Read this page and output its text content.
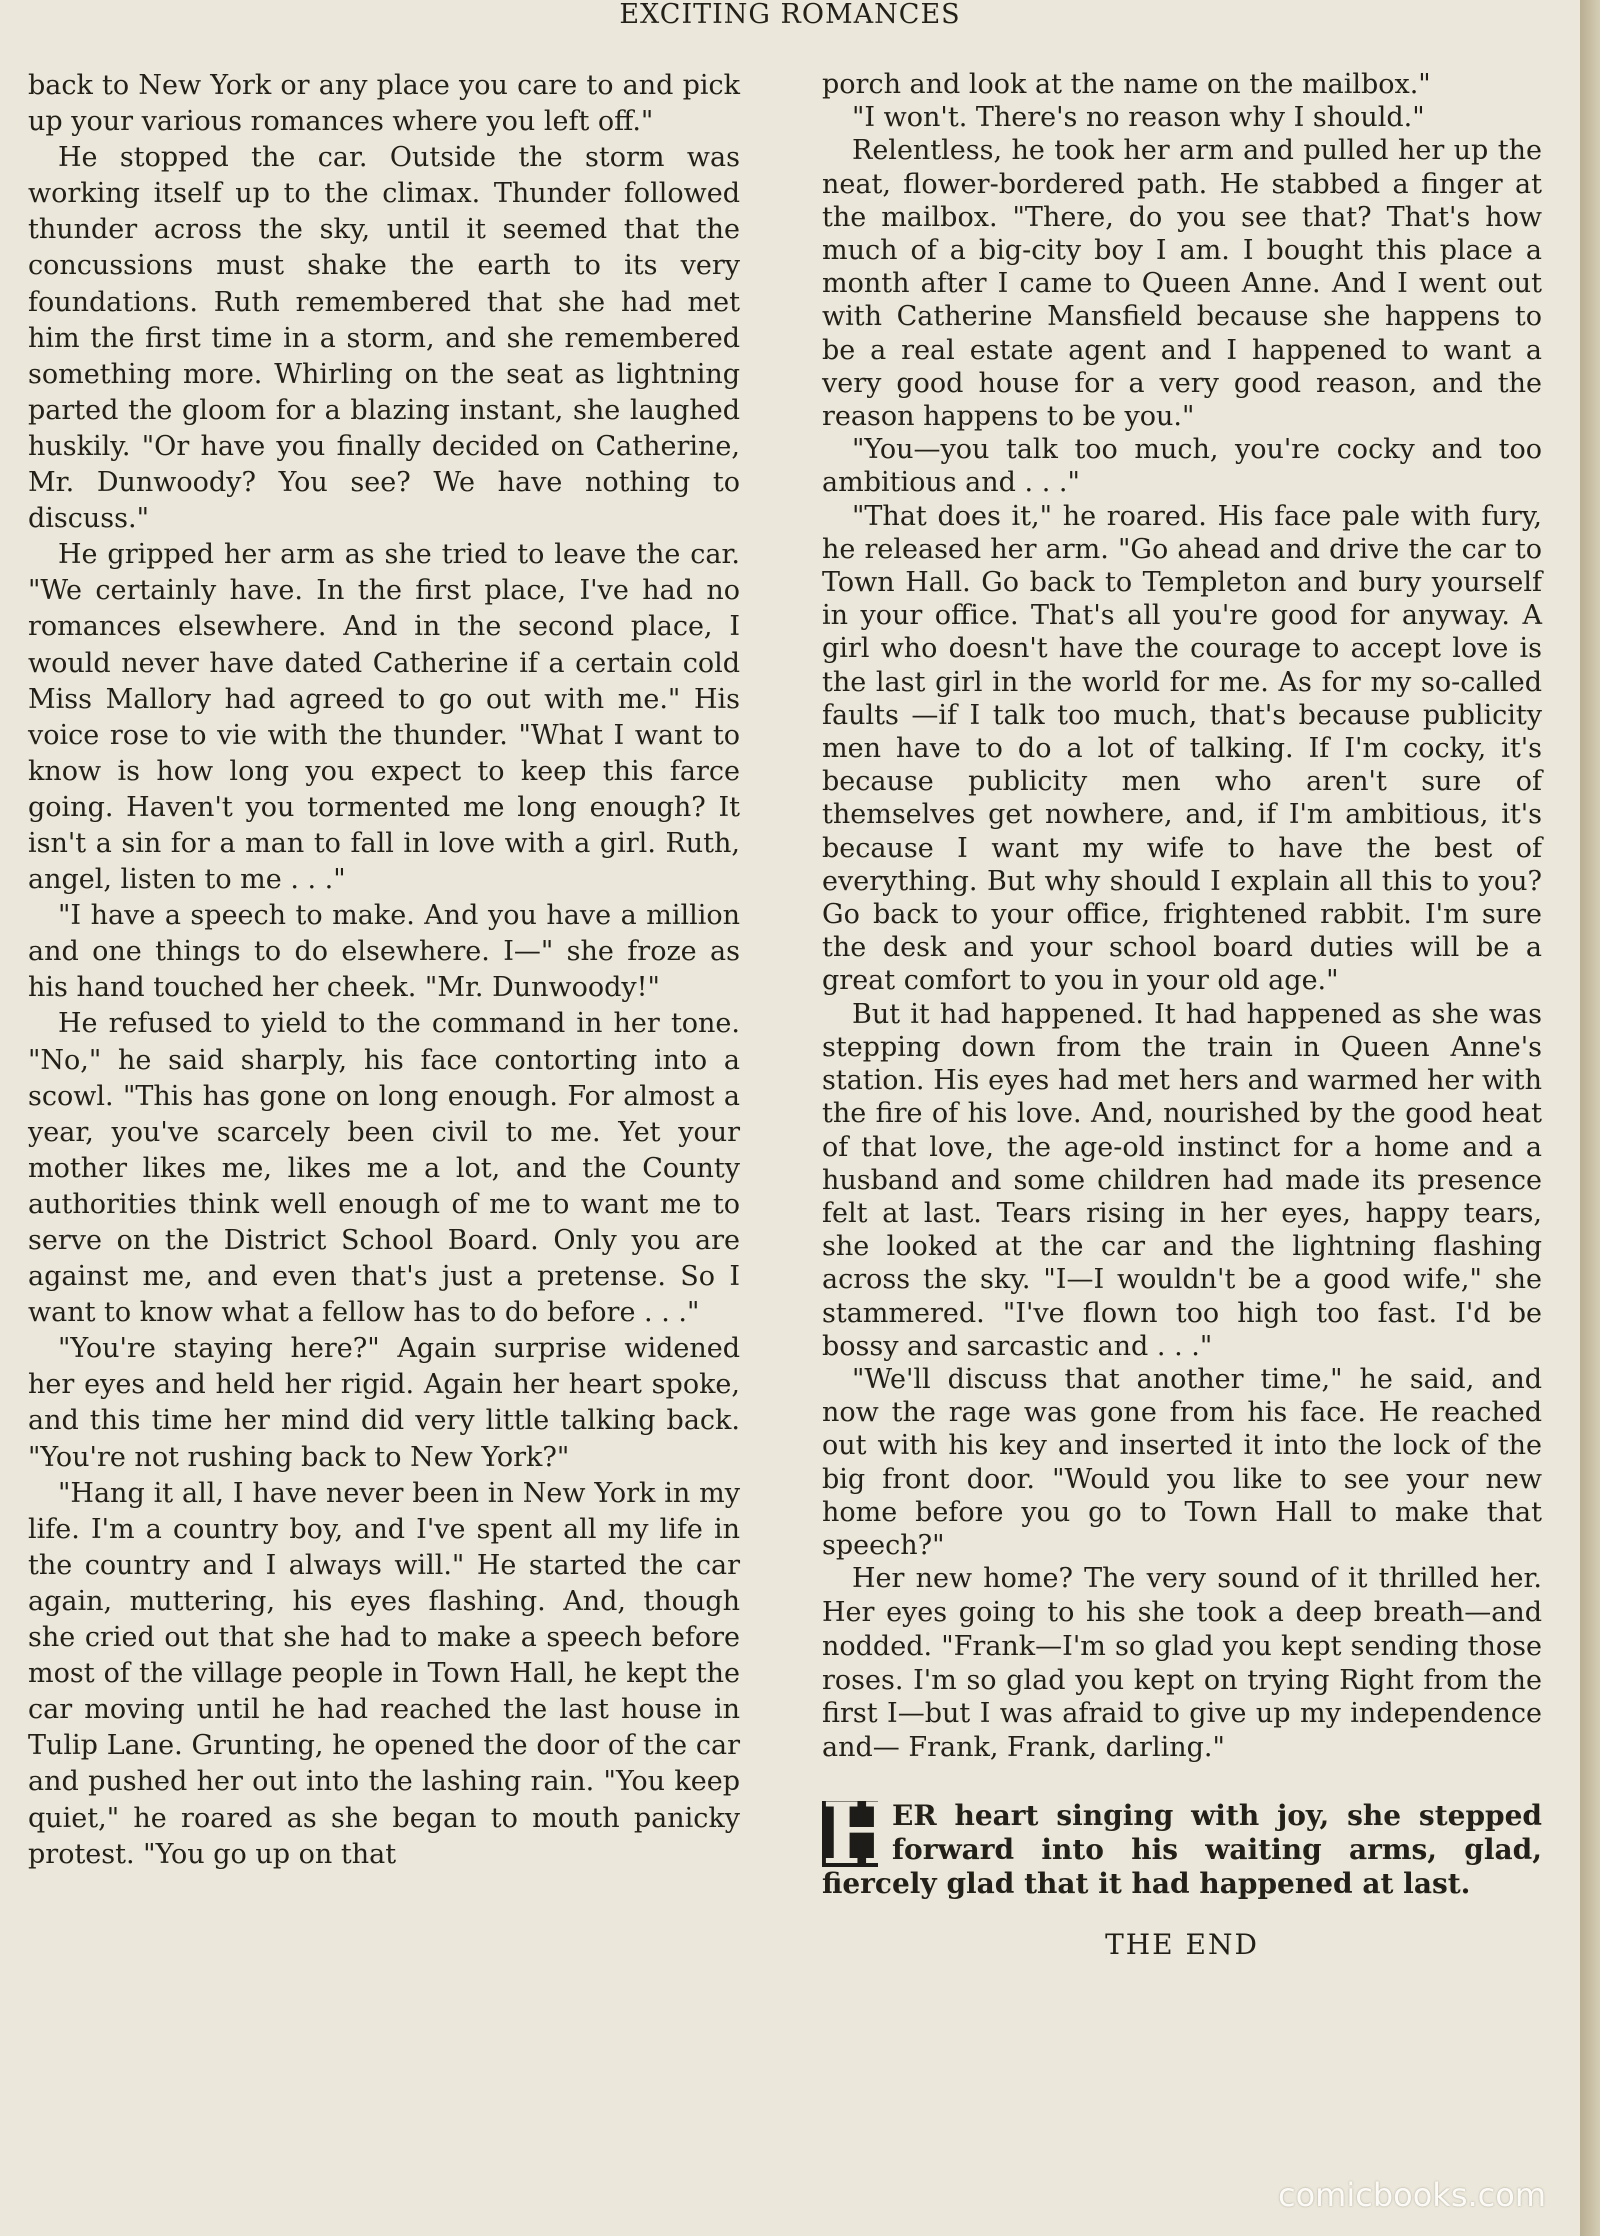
EXCITING ROMANCES

back to New York or any place you care to and pick up your various romances where you left off."

He stopped the car. Outside the storm was working itself up to the climax. Thunder followed thunder across the sky, until it seemed that the concussions must shake the earth to its very foundations. Ruth remembered that she had met him the first time in a storm, and she remembered something more. Whirling on the seat as lightning parted the gloom for a blazing instant, she laughed huskily. "Or have you finally decided on Catherine, Mr. Dunwoody? You see? We have nothing to discuss."

He gripped her arm as she tried to leave the car. "We certainly have. In the first place, I've had no romances elsewhere. And in the second place, I would never have dated Catherine if a certain cold Miss Mallory had agreed to go out with me." His voice rose to vie with the thunder. "What I want to know is how long you expect to keep this farce going. Haven't you tormented me long enough? It isn't a sin for a man to fall in love with a girl. Ruth, angel, listen to me . . ."

"I have a speech to make. And you have a million and one things to do elsewhere. I—" she froze as his hand touched her cheek. "Mr. Dunwoody!"

He refused to yield to the command in her tone. "No," he said sharply, his face contorting into a scowl. "This has gone on long enough. For almost a year, you've scarcely been civil to me. Yet your mother likes me, likes me a lot, and the County authorities think well enough of me to want me to serve on the District School Board. Only you are against me, and even that's just a pretense. So I want to know what a fellow has to do before . . ."

"You're staying here?" Again surprise widened her eyes and held her rigid. Again her heart spoke, and this time her mind did very little talking back. "You're not rushing back to New York?"

"Hang it all, I have never been in New York in my life. I'm a country boy, and I've spent all my life in the country and I always will." He started the car again, muttering, his eyes flashing. And, though she cried out that she had to make a speech before most of the village people in Town Hall, he kept the car moving until he had reached the last house in Tulip Lane. Grunting, he opened the door of the car and pushed her out into the lashing rain. "You keep quiet," he roared as she began to mouth panicky protest. "You go up on that

porch and look at the name on the mailbox."

"I won't. There's no reason why I should."

Relentless, he took her arm and pulled her up the neat, flower-bordered path. He stabbed a finger at the mailbox. "There, do you see that? That's how much of a big-city boy I am. I bought this place a month after I came to Queen Anne. And I went out with Catherine Mansfield because she happens to be a real estate agent and I happened to want a very good house for a very good reason, and the reason happens to be you."

"You—you talk too much, you're cocky and too ambitious and . . ."

"That does it," he roared. His face pale with fury, he released her arm. "Go ahead and drive the car to Town Hall. Go back to Templeton and bury yourself in your office. That's all you're good for anyway. A girl who doesn't have the courage to accept love is the last girl in the world for me. As for my so-called faults —if I talk too much, that's because publicity men have to do a lot of talking. If I'm cocky, it's because publicity men who aren't sure of themselves get nowhere, and, if I'm ambitious, it's because I want my wife to have the best of everything. But why should I explain all this to you? Go back to your office, frightened rabbit. I'm sure the desk and your school board duties will be a great comfort to you in your old age."

But it had happened. It had happened as she was stepping down from the train in Queen Anne's station. His eyes had met hers and warmed her with the fire of his love. And, nourished by the good heat of that love, the age-old instinct for a home and a husband and some children had made its presence felt at last. Tears rising in her eyes, happy tears, she looked at the car and the lightning flashing across the sky. "I—I wouldn't be a good wife," she stammered. "I've flown too high too fast. I'd be bossy and sarcastic and . . ."

"We'll discuss that another time," he said, and now the rage was gone from his face. He reached out with his key and inserted it into the lock of the big front door. "Would you like to see your new home before you go to Town Hall to make that speech?"

Her new home? The very sound of it thrilled her. Her eyes going to his she took a deep breath—and nodded. "Frank—I'm so glad you kept sending those roses. I'm so glad you kept on trying Right from the first I—but I was afraid to give up my independence and— Frank, Frank, darling."

H
ER heart singing with joy, she stepped forward into his waiting arms, glad, fiercely glad that it had happened at last.
THE END
comicbooks.com
